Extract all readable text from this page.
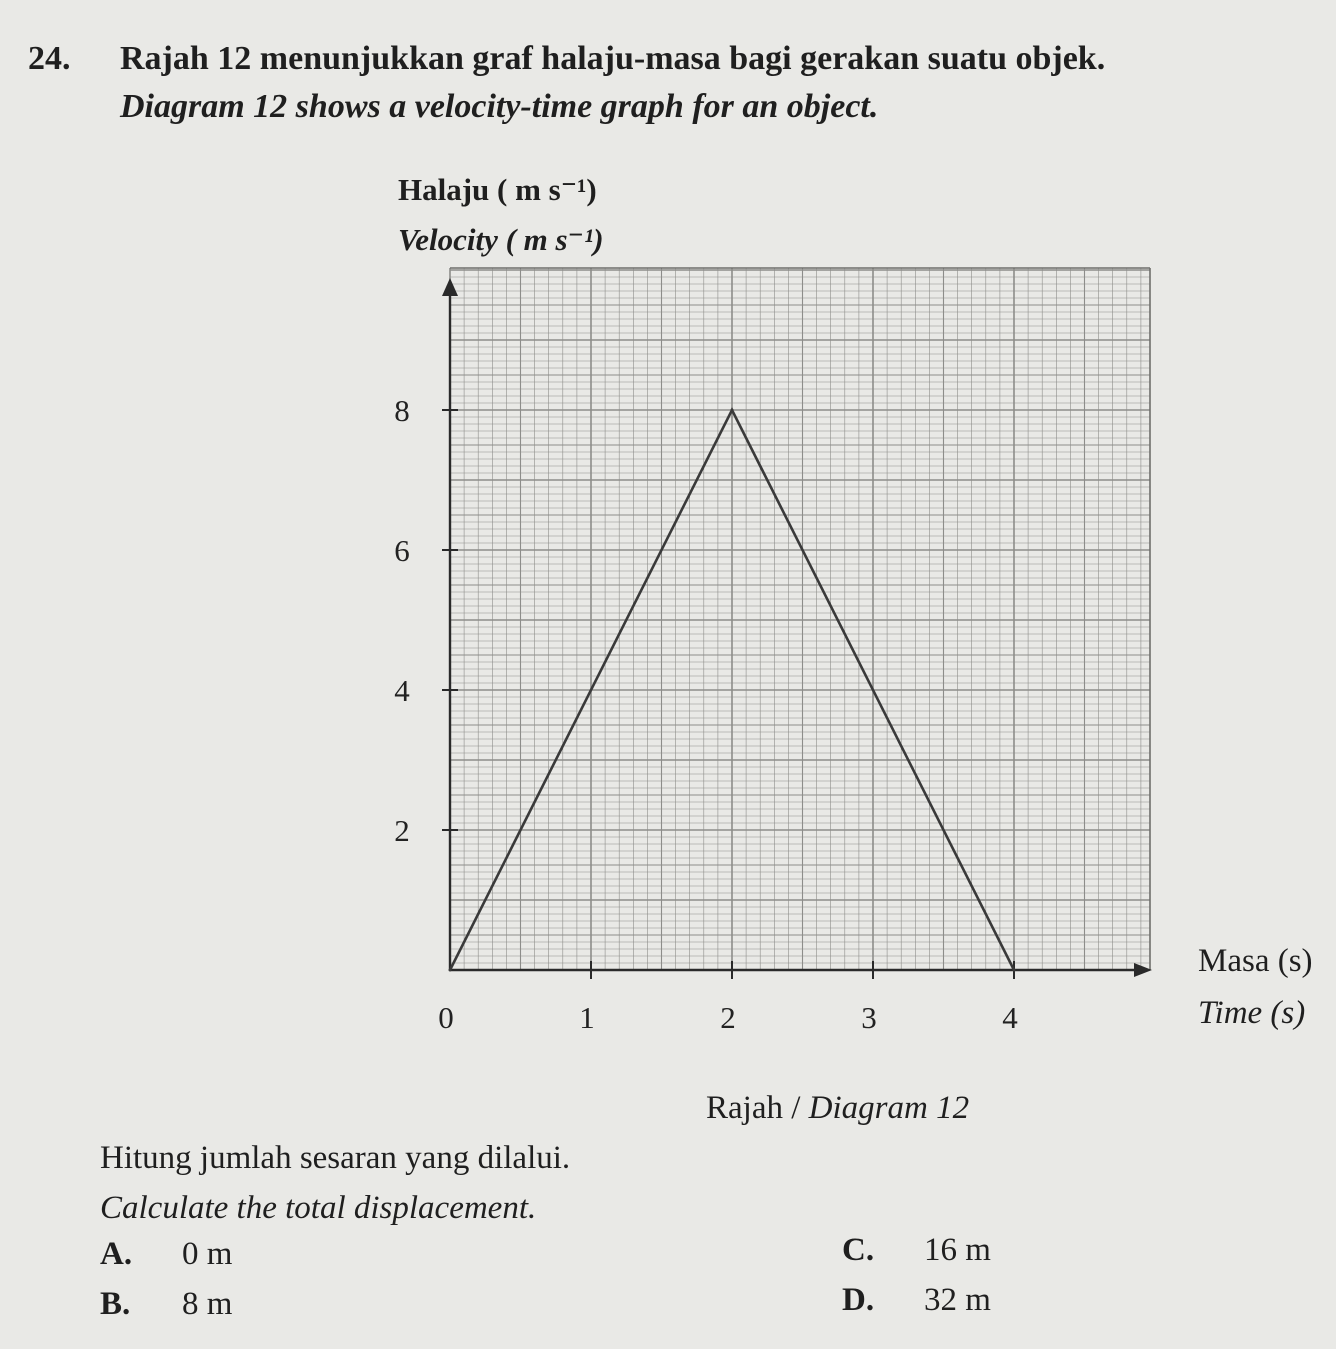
24. Rajah 12 menunjukkan graf halaju-masa bagi gerakan suatu objek.
Diagram 12 shows a velocity-time graph for an object.
Halaju ( m s⁻¹)
Velocity ( m s⁻¹)
0	1	2	3	4
2
4
6
8
Masa (s)
Time (s)
Rajah / Diagram 12
Hitung jumlah sesaran yang dilalui.
Calculate the total displacement.
A. 0 m
B. 8 m
C. 16 m
D. 32 m
